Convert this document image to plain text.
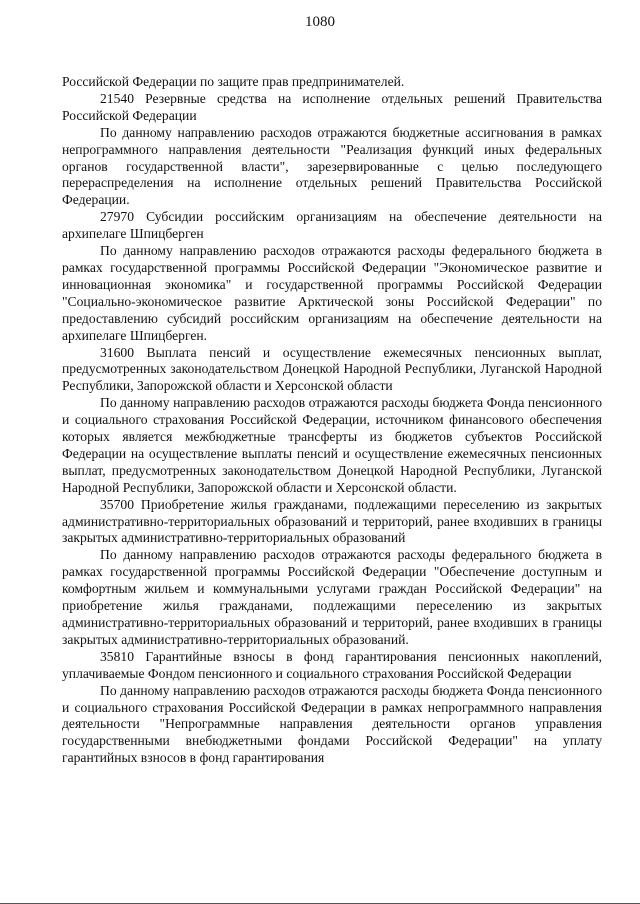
1080

Российской Федерации по защите прав предпринимателей.

21540 Резервные средства на исполнение отдельных решений Правительства Российской Федерации

По данному направлению расходов отражаются бюджетные ассигнования в рамках непрограммного направления деятельности "Реализация функций иных федеральных органов государственной власти", зарезервированные с целью последующего перераспределения на исполнение отдельных решений Правительства Российской Федерации.

27970 Субсидии российским организациям на обеспечение деятельности на архипелаге Шпицберген

По данному направлению расходов отражаются расходы федерального бюджета в рамках государственной программы Российской Федерации "Экономическое развитие и инновационная экономика" и государственной программы Российской Федерации "Социально-экономическое развитие Арктической зоны Российской Федерации" по предоставлению субсидий российским организациям на обеспечение деятельности на архипелаге Шпицберген.

31600 Выплата пенсий и осуществление ежемесячных пенсионных выплат, предусмотренных законодательством Донецкой Народной Республики, Луганской Народной Республики, Запорожской области и Херсонской области

По данному направлению расходов отражаются расходы бюджета Фонда пенсионного и социального страхования Российской Федерации, источником финансового обеспечения которых является межбюджетные трансферты из бюджетов субъектов Российской Федерации на осуществление выплаты пенсий и осуществление ежемесячных пенсионных выплат, предусмотренных законодательством Донецкой Народной Республики, Луганской Народной Республики, Запорожской области и Херсонской области.

35700 Приобретение жилья гражданами, подлежащими переселению из закрытых административно-территориальных образований и территорий, ранее входивших в границы закрытых административно-территориальных образований

По данному направлению расходов отражаются расходы федерального бюджета в рамках государственной программы Российской Федерации "Обеспечение доступным и комфортным жильем и коммунальными услугами граждан Российской Федерации" на приобретение жилья гражданами, подлежащими переселению из закрытых административно-территориальных образований и территорий, ранее входивших в границы закрытых административно-территориальных образований.

35810 Гарантийные взносы в фонд гарантирования пенсионных накоплений, уплачиваемые Фондом пенсионного и социального страхования Российской Федерации

По данному направлению расходов отражаются расходы бюджета Фонда пенсионного и социального страхования Российской Федерации в рамках непрограммного направления деятельности "Непрограммные направления деятельности органов управления государственными внебюджетными фондами Российской Федерации" на уплату гарантийных взносов в фонд гарантирования
